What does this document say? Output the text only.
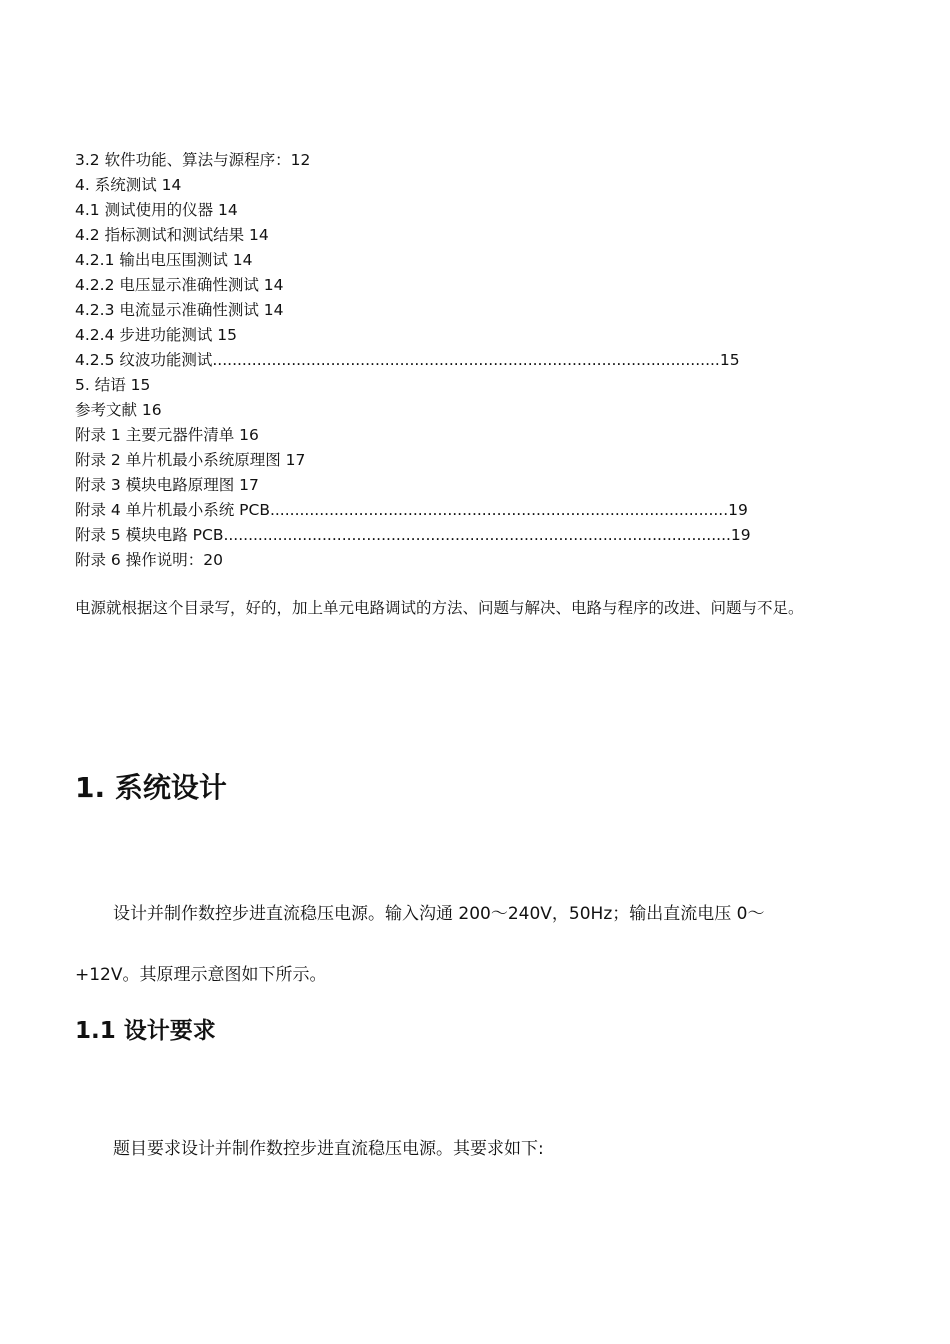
3.2 软件功能、算法与源程序：12
4. 系统测试 14
4.1 测试使用的仪器 14
4.2 指标测试和测试结果 14
4.2.1 输出电压围测试 14
4.2.2 电压显示准确性测试 14
4.2.3 电流显示准确性测试 14
4.2.4 步进功能测试 15
4.2.5 纹波功能测试.......................................................................................................15
5. 结语 15
参考文献 16
附录 1 主要元器件清单 16
附录 2 单片机最小系统原理图 17
附录 3 模块电路原理图 17
附录 4 单片机最小系统 PCB.............................................................................................19
附录 5 模块电路 PCB.......................................................................................................19
附录 6 操作说明：20
电源就根据这个目录写，好的，加上单元电路调试的方法、问题与解决、电路与程序的改进、问题与不足。
1. 系统设计
设计并制作数控步进直流稳压电源。输入沟通 200～240V，50Hz；输出直流电压 0～
+12V。其原理示意图如下所示。
1.1 设计要求
题目要求设计并制作数控步进直流稳压电源。其要求如下:
